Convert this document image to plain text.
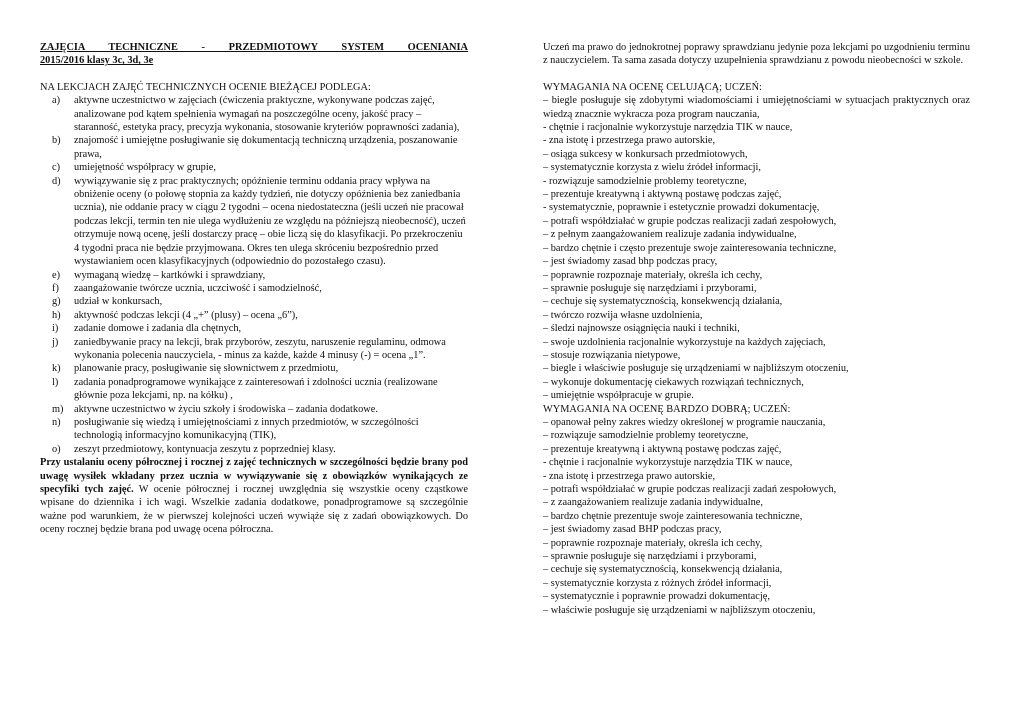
ZAJĘCIA TECHNICZNE - PRZEDMIOTOWY SYSTEM OCENIANIA
2015/2016 klasy 3c, 3d, 3e
NA LEKCJACH ZAJĘĆ TECHNICZNYCH OCENIE BIEŻĄCEJ PODLEGA:
a)	aktywne uczestnictwo w zajęciach (ćwiczenia praktyczne, wykonywane podczas zajęć, analizowane pod kątem spełnienia wymagań na poszczególne oceny, jakość pracy – staranność, estetyka pracy, precyzja wykonania, stosowanie kryteriów poprawności zadania),
b)	znajomość i umiejętne posługiwanie się dokumentacją techniczną urządzenia, poszanowanie prawa,
c)	umiejętność współpracy w grupie,
d)	wywiązywanie się z prac praktycznych; opóźnienie terminu oddania pracy wpływa na obniżenie oceny (o połowę stopnia za każdy tydzień, nie dotyczy opóźnienia bez zaniedbania ucznia), nie oddanie pracy w ciągu 2 tygodni – ocena niedostateczna (jeśli uczeń nie pracował podczas lekcji, termin ten nie ulega wydłużeniu ze względu na późniejszą nieobecność), uczeń otrzymuje nową ocenę, jeśli dostarczy pracę – obie liczą się do klasyfikacji. Po przekroczeniu 4 tygodni praca nie będzie przyjmowana. Okres ten ulega skróceniu bezpośrednio przed wystawianiem ocen klasyfikacyjnych (odpowiednio do pozostałego czasu).
e)	wymaganą wiedzę – kartkówki i sprawdziany,
f)	zaangażowanie twórcze ucznia, uczciwość i samodzielność,
g)	udział w konkursach,
h)	aktywność podczas lekcji (4 „+” (plusy) – ocena „6”),
i)	zadanie domowe i zadania dla chętnych,
j)	zaniedbywanie pracy na lekcji, brak przyborów, zeszytu, naruszenie regulaminu, odmowa wykonania polecenia nauczyciela, - minus za każde, każde 4 minusy (-) = ocena „1”.
k)	planowanie pracy, posługiwanie się słownictwem z przedmiotu,
l)	zadania ponadprogramowe wynikające z zainteresowań i zdolności ucznia (realizowane głównie poza lekcjami, np. na kółku) ,
m)	aktywne uczestnictwo w życiu szkoły i środowiska – zadania dodatkowe.
n)	posługiwanie się wiedzą i umiejętnościami z innych przedmiotów, w szczególności technologią informacyjno komunikacyjną (TIK),
o)	zeszyt przedmiotowy, kontynuacja zeszytu z poprzedniej klasy.
Przy ustalaniu oceny półrocznej i rocznej z zajęć technicznych w szczególności będzie brany pod uwagę wysiłek wkładany przez ucznia w wywiązywanie się z obowiązków wynikających ze specyfiki tych zajęć. W ocenie półrocznej i rocznej uwzględnia się wszystkie oceny cząstkowe wpisane do dziennika i ich wagi. Wszelkie zadania dodatkowe, ponadprogramowe są szczególnie ważne pod warunkiem, że w pierwszej kolejności uczeń wywiąże się z zadań obowiązkowych. Do oceny rocznej będzie brana pod uwagę ocena półroczna.
Uczeń ma prawo do jednokrotnej poprawy sprawdzianu jedynie poza lekcjami po uzgodnieniu terminu z nauczycielem. Ta sama zasada dotyczy uzupełnienia sprawdzianu z powodu nieobecności w szkole.
WYMAGANIA NA OCENĘ CELUJĄCĄ; UCZEŃ:
– biegle posługuje się zdobytymi wiadomościami i umiejętnościami w sytuacjach praktycznych oraz wiedzą znacznie wykracza poza program nauczania,
- chętnie i racjonalnie wykorzystuje narzędzia TIK w nauce,
- zna istotę i przestrzega prawo autorskie,
– osiąga sukcesy w konkursach przedmiotowych,
– systematycznie korzysta z wielu źródeł informacji,
- rozwiązuje samodzielnie problemy teoretyczne,
– prezentuje kreatywną i aktywną postawę podczas zajęć,
- systematycznie, poprawnie i estetycznie prowadzi dokumentację,
– potrafi współdziałać w grupie podczas realizacji zadań zespołowych,
– z pełnym zaangażowaniem realizuje zadania indywidualne,
– bardzo chętnie i często prezentuje swoje zainteresowania techniczne,
– jest świadomy zasad bhp podczas pracy,
– poprawnie rozpoznaje materiały, określa ich cechy,
– sprawnie posługuje się narzędziami i przyborami,
– cechuje się systematycznością, konsekwencją działania,
– twórczo rozwija własne uzdolnienia,
– śledzi najnowsze osiągnięcia nauki i techniki,
– swoje uzdolnienia racjonalnie wykorzystuje na każdych zajęciach,
– stosuje rozwiązania nietypowe,
– biegle i właściwie posługuje się urządzeniami w najbliższym otoczeniu,
– wykonuje dokumentację ciekawych rozwiązań technicznych,
– umiejętnie współpracuje w grupie.
WYMAGANIA NA OCENĘ BARDZO DOBRĄ; UCZEŃ:
– opanował pełny zakres wiedzy określonej w programie nauczania,
– rozwiązuje samodzielnie problemy teoretyczne,
– prezentuje kreatywną i aktywną postawę podczas zajęć,
- chętnie i racjonalnie wykorzystuje narzędzia TIK w nauce,
- zna istotę i przestrzega prawo autorskie,
– potrafi współdziałać w grupie podczas realizacji zadań zespołowych,
– z zaangażowaniem realizuje zadania indywidualne,
– bardzo chętnie prezentuje swoje zainteresowania techniczne,
– jest świadomy zasad BHP podczas pracy,
– poprawnie rozpoznaje materiały, określa ich cechy,
– sprawnie posługuje się narzędziami i przyborami,
– cechuje się systematycznością, konsekwencją działania,
– systematycznie korzysta z różnych źródeł informacji,
– systematycznie i poprawnie prowadzi dokumentację,
– właściwie posługuje się urządzeniami w najbliższym otoczeniu,
